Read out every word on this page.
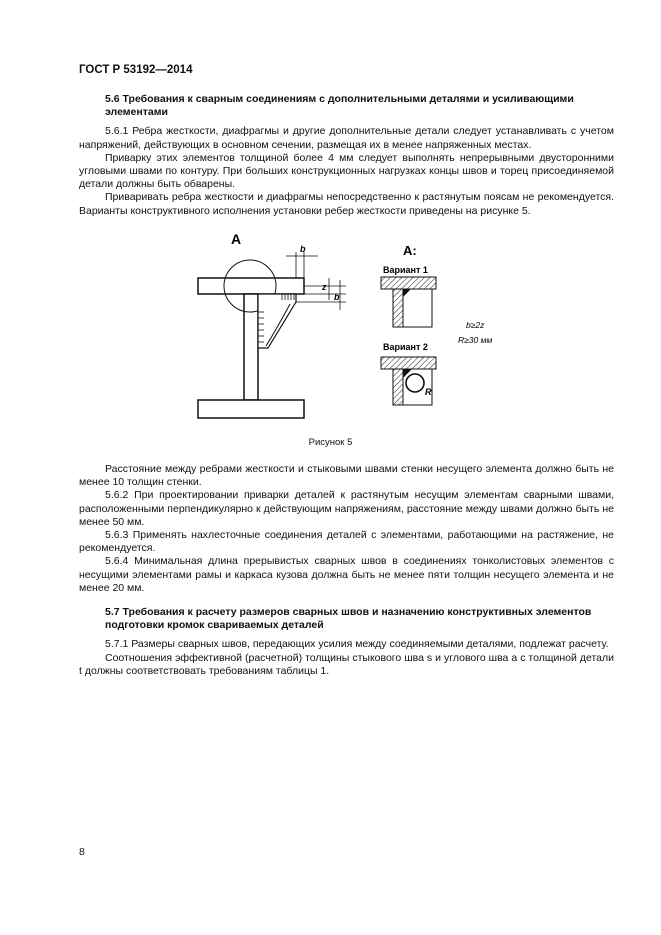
ГОСТ Р 53192—2014
5.6 Требования к сварным соединениям с дополнительными деталями и усиливающими элементами

5.6.1 Ребра жесткости, диафрагмы и другие дополнительные детали следует устанавливать с учетом напряжений, действующих в основном сечении, размещая их в менее напряженных местах.

Приварку этих элементов толщиной более 4 мм следует выполнять непрерывными двусторонними угловыми швами по контуру. При больших конструкционных нагрузках концы швов и торец присоединяемой детали должны быть обварены.

Приваривать ребра жесткости и диафрагмы непосредственно к растянутым поясам не рекомендуется. Варианты конструктивного исполнения установки ребер жесткости приведены на рисунке 5.

A
b
z
b
А:
Вариант 1
Вариант 2
R
b≥2z
R≥30 мм
Рисунок 5

Расстояние между ребрами жесткости и стыковыми швами стенки несущего элемента должно быть не менее 10 толщин стенки.

5.6.2 При проектировании приварки деталей к растянутым несущим элементам сварными швами, расположенными перпендикулярно к действующим напряжениям, расстояние между швами должно быть не менее 50 мм.

5.6.3 Применять нахлесточные соединения деталей с элементами, работающими на растяжение, не рекомендуется.

5.6.4 Минимальная длина прерывистых сварных швов в соединениях тонколистовых элементов с несущими элементами рамы и каркаса кузова должна быть не менее пяти толщин несущего элемента и не менее 20 мм.

5.7 Требования к расчету размеров сварных швов и назначению конструктивных элементов подготовки кромок свариваемых деталей

5.7.1 Размеры сварных швов, передающих усилия между соединяемыми деталями, подлежат расчету.

Соотношения эффективной (расчетной) толщины стыкового шва s и углового шва a с толщиной детали t должны соответствовать требованиям таблицы 1.

8
